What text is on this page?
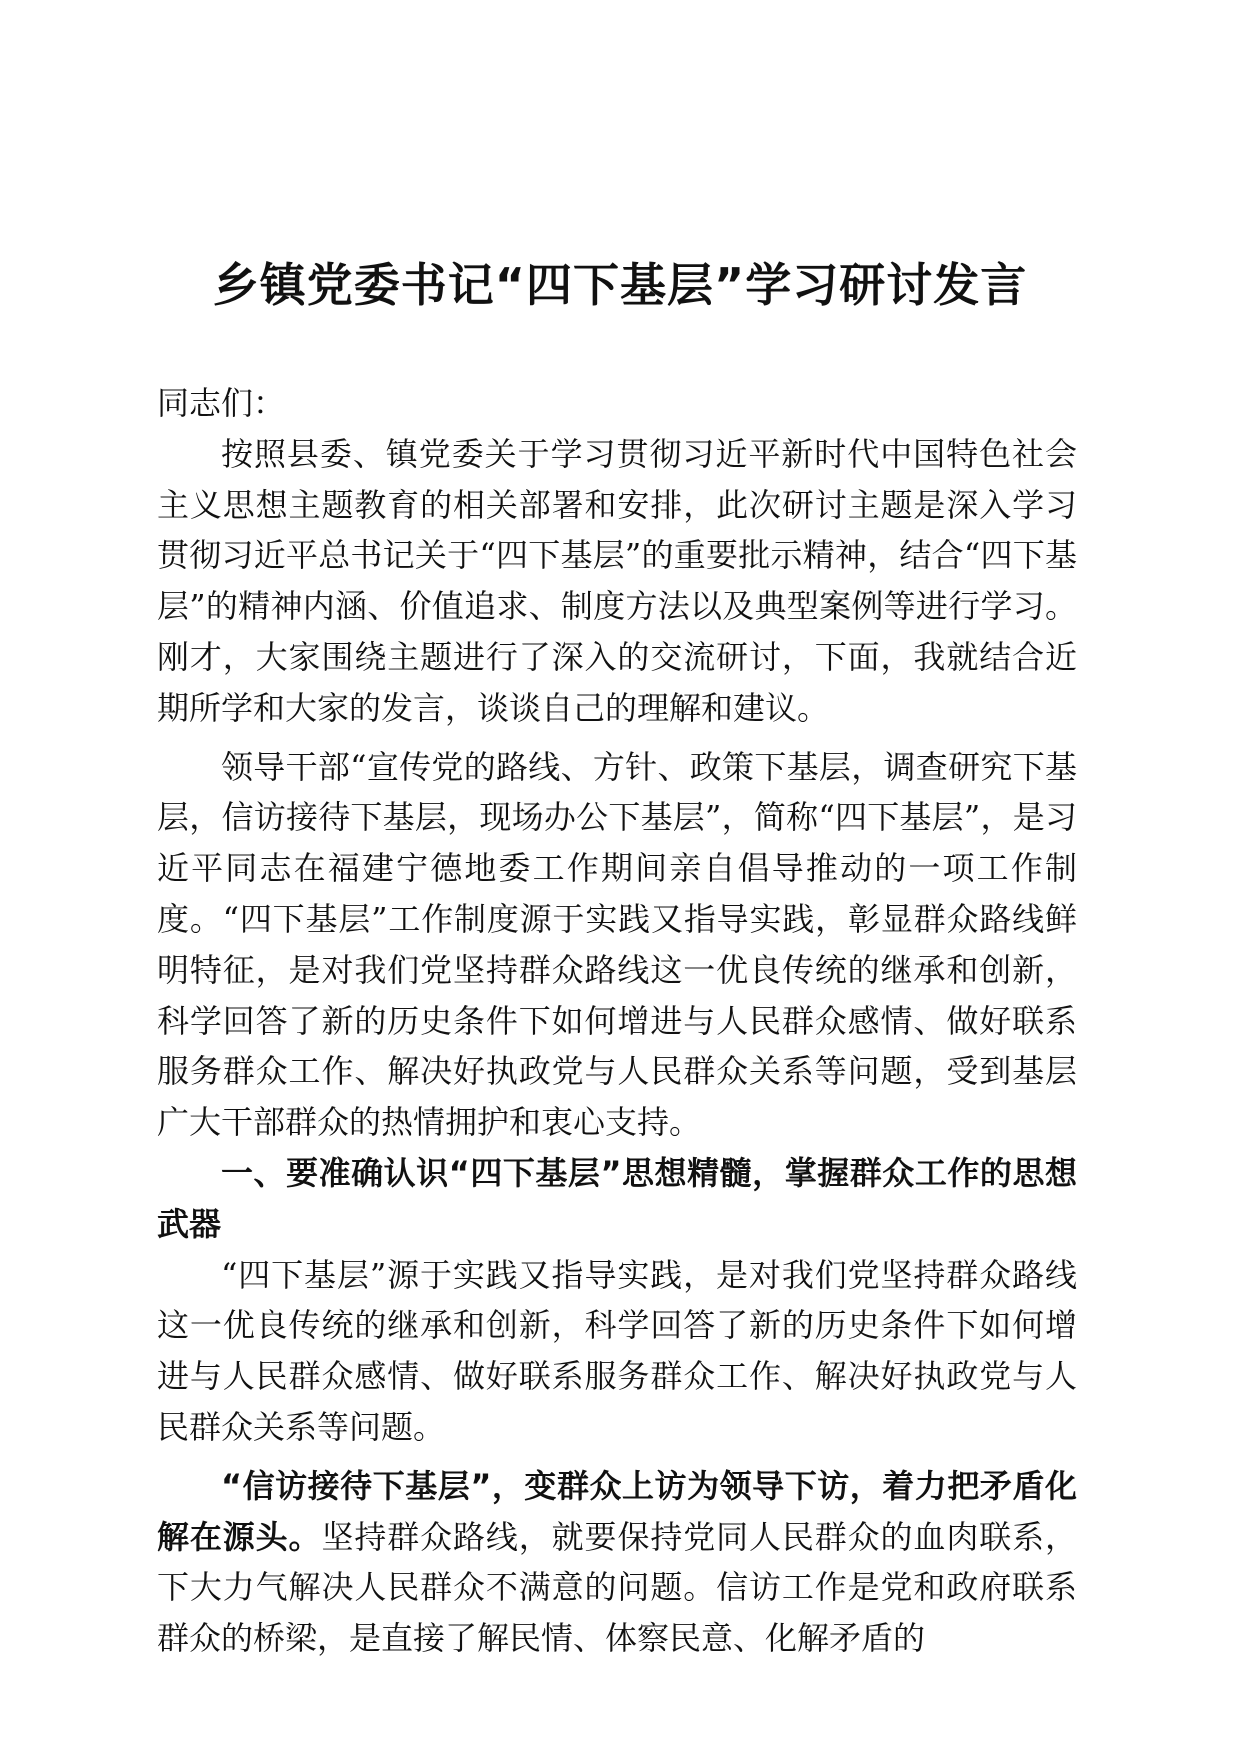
乡镇党委书记“四下基层”学习研讨发言

同志们：

按照县委、镇党委关于学习贯彻习近平新时代中国特色社会主义思想主题教育的相关部署和安排，此次研讨主题是深入学习贯彻习近平总书记关于“四下基层”的重要批示精神，结合“四下基层”的精神内涵、价值追求、制度方法以及典型案例等进行学习。刚才，大家围绕主题进行了深入的交流研讨，下面，我就结合近期所学和大家的发言，谈谈自己的理解和建议。

领导干部“宣传党的路线、方针、政策下基层，调查研究下基层，信访接待下基层，现场办公下基层”，简称“四下基层”，是习近平同志在福建宁德地委工作期间亲自倡导推动的一项工作制度。“四下基层”工作制度源于实践又指导实践，彰显群众路线鲜明特征，是对我们党坚持群众路线这一优良传统的继承和创新，科学回答了新的历史条件下如何增进与人民群众感情、做好联系服务群众工作、解决好执政党与人民群众关系等问题，受到基层广大干部群众的热情拥护和衷心支持。

一、要准确认识“四下基层”思想精髓，掌握群众工作的思想武器

“四下基层”源于实践又指导实践，是对我们党坚持群众路线这一优良传统的继承和创新，科学回答了新的历史条件下如何增进与人民群众感情、做好联系服务群众工作、解决好执政党与人民群众关系等问题。

“信访接待下基层”，变群众上访为领导下访，着力把矛盾化解在源头。坚持群众路线，就要保持党同人民群众的血肉联系，下大力气解决人民群众不满意的问题。信访工作是党和政府联系群众的桥梁，是直接了解民情、体察民意、化解矛盾的
